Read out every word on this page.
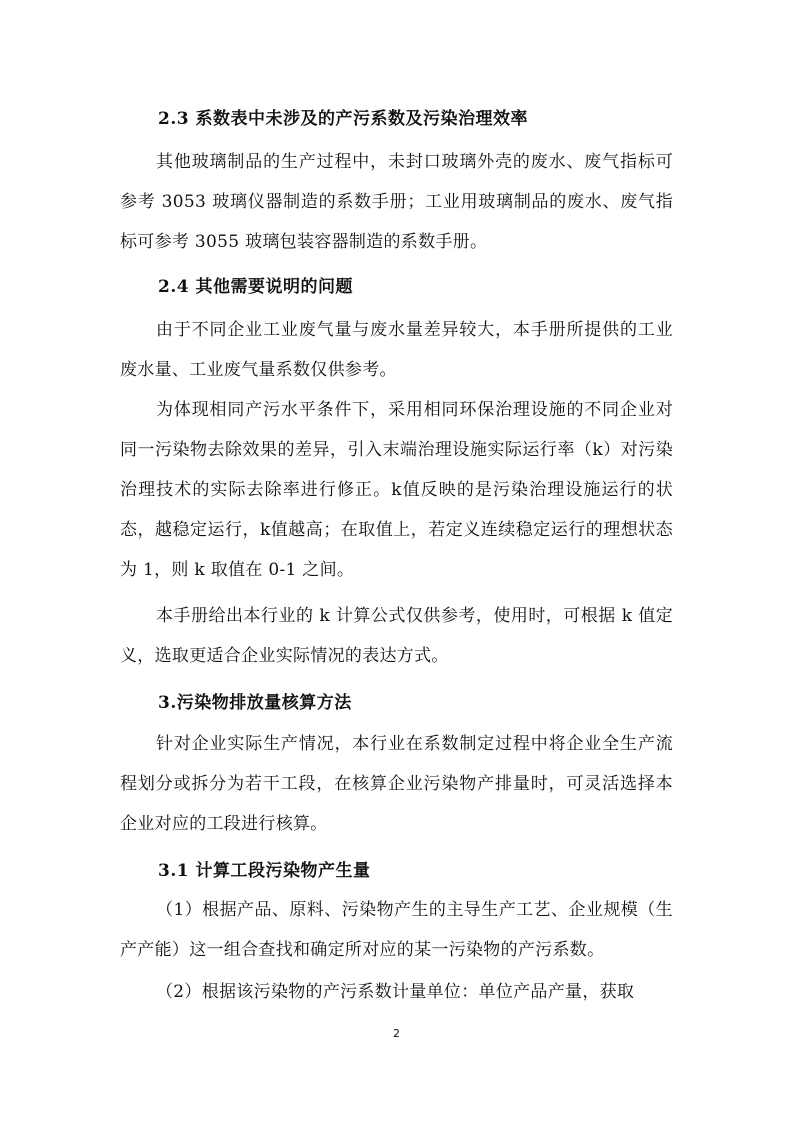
2.3 系数表中未涉及的产污系数及污染治理效率

其他玻璃制品的生产过程中，未封口玻璃外壳的废水、废气指标可参考 3053 玻璃仪器制造的系数手册；工业用玻璃制品的废水、废气指标可参考 3055 玻璃包装容器制造的系数手册。

2.4 其他需要说明的问题

由于不同企业工业废气量与废水量差异较大，本手册所提供的工业废水量、工业废气量系数仅供参考。

为体现相同产污水平条件下，采用相同环保治理设施的不同企业对同一污染物去除效果的差异，引入末端治理设施实际运行率（k）对污染治理技术的实际去除率进行修正。k值反映的是污染治理设施运行的状态，越稳定运行，k值越高；在取值上，若定义连续稳定运行的理想状态为 1，则 k 取值在 0-1 之间。

本手册给出本行业的 k 计算公式仅供参考，使用时，可根据 k 值定义，选取更适合企业实际情况的表达方式。

3.污染物排放量核算方法

针对企业实际生产情况，本行业在系数制定过程中将企业全生产流程划分或拆分为若干工段，在核算企业污染物产排量时，可灵活选择本企业对应的工段进行核算。

3.1 计算工段污染物产生量

（1）根据产品、原料、污染物产生的主导生产工艺、企业规模（生产产能）这一组合查找和确定所对应的某一污染物的产污系数。

（2）根据该污染物的产污系数计量单位：单位产品产量，获取

2
